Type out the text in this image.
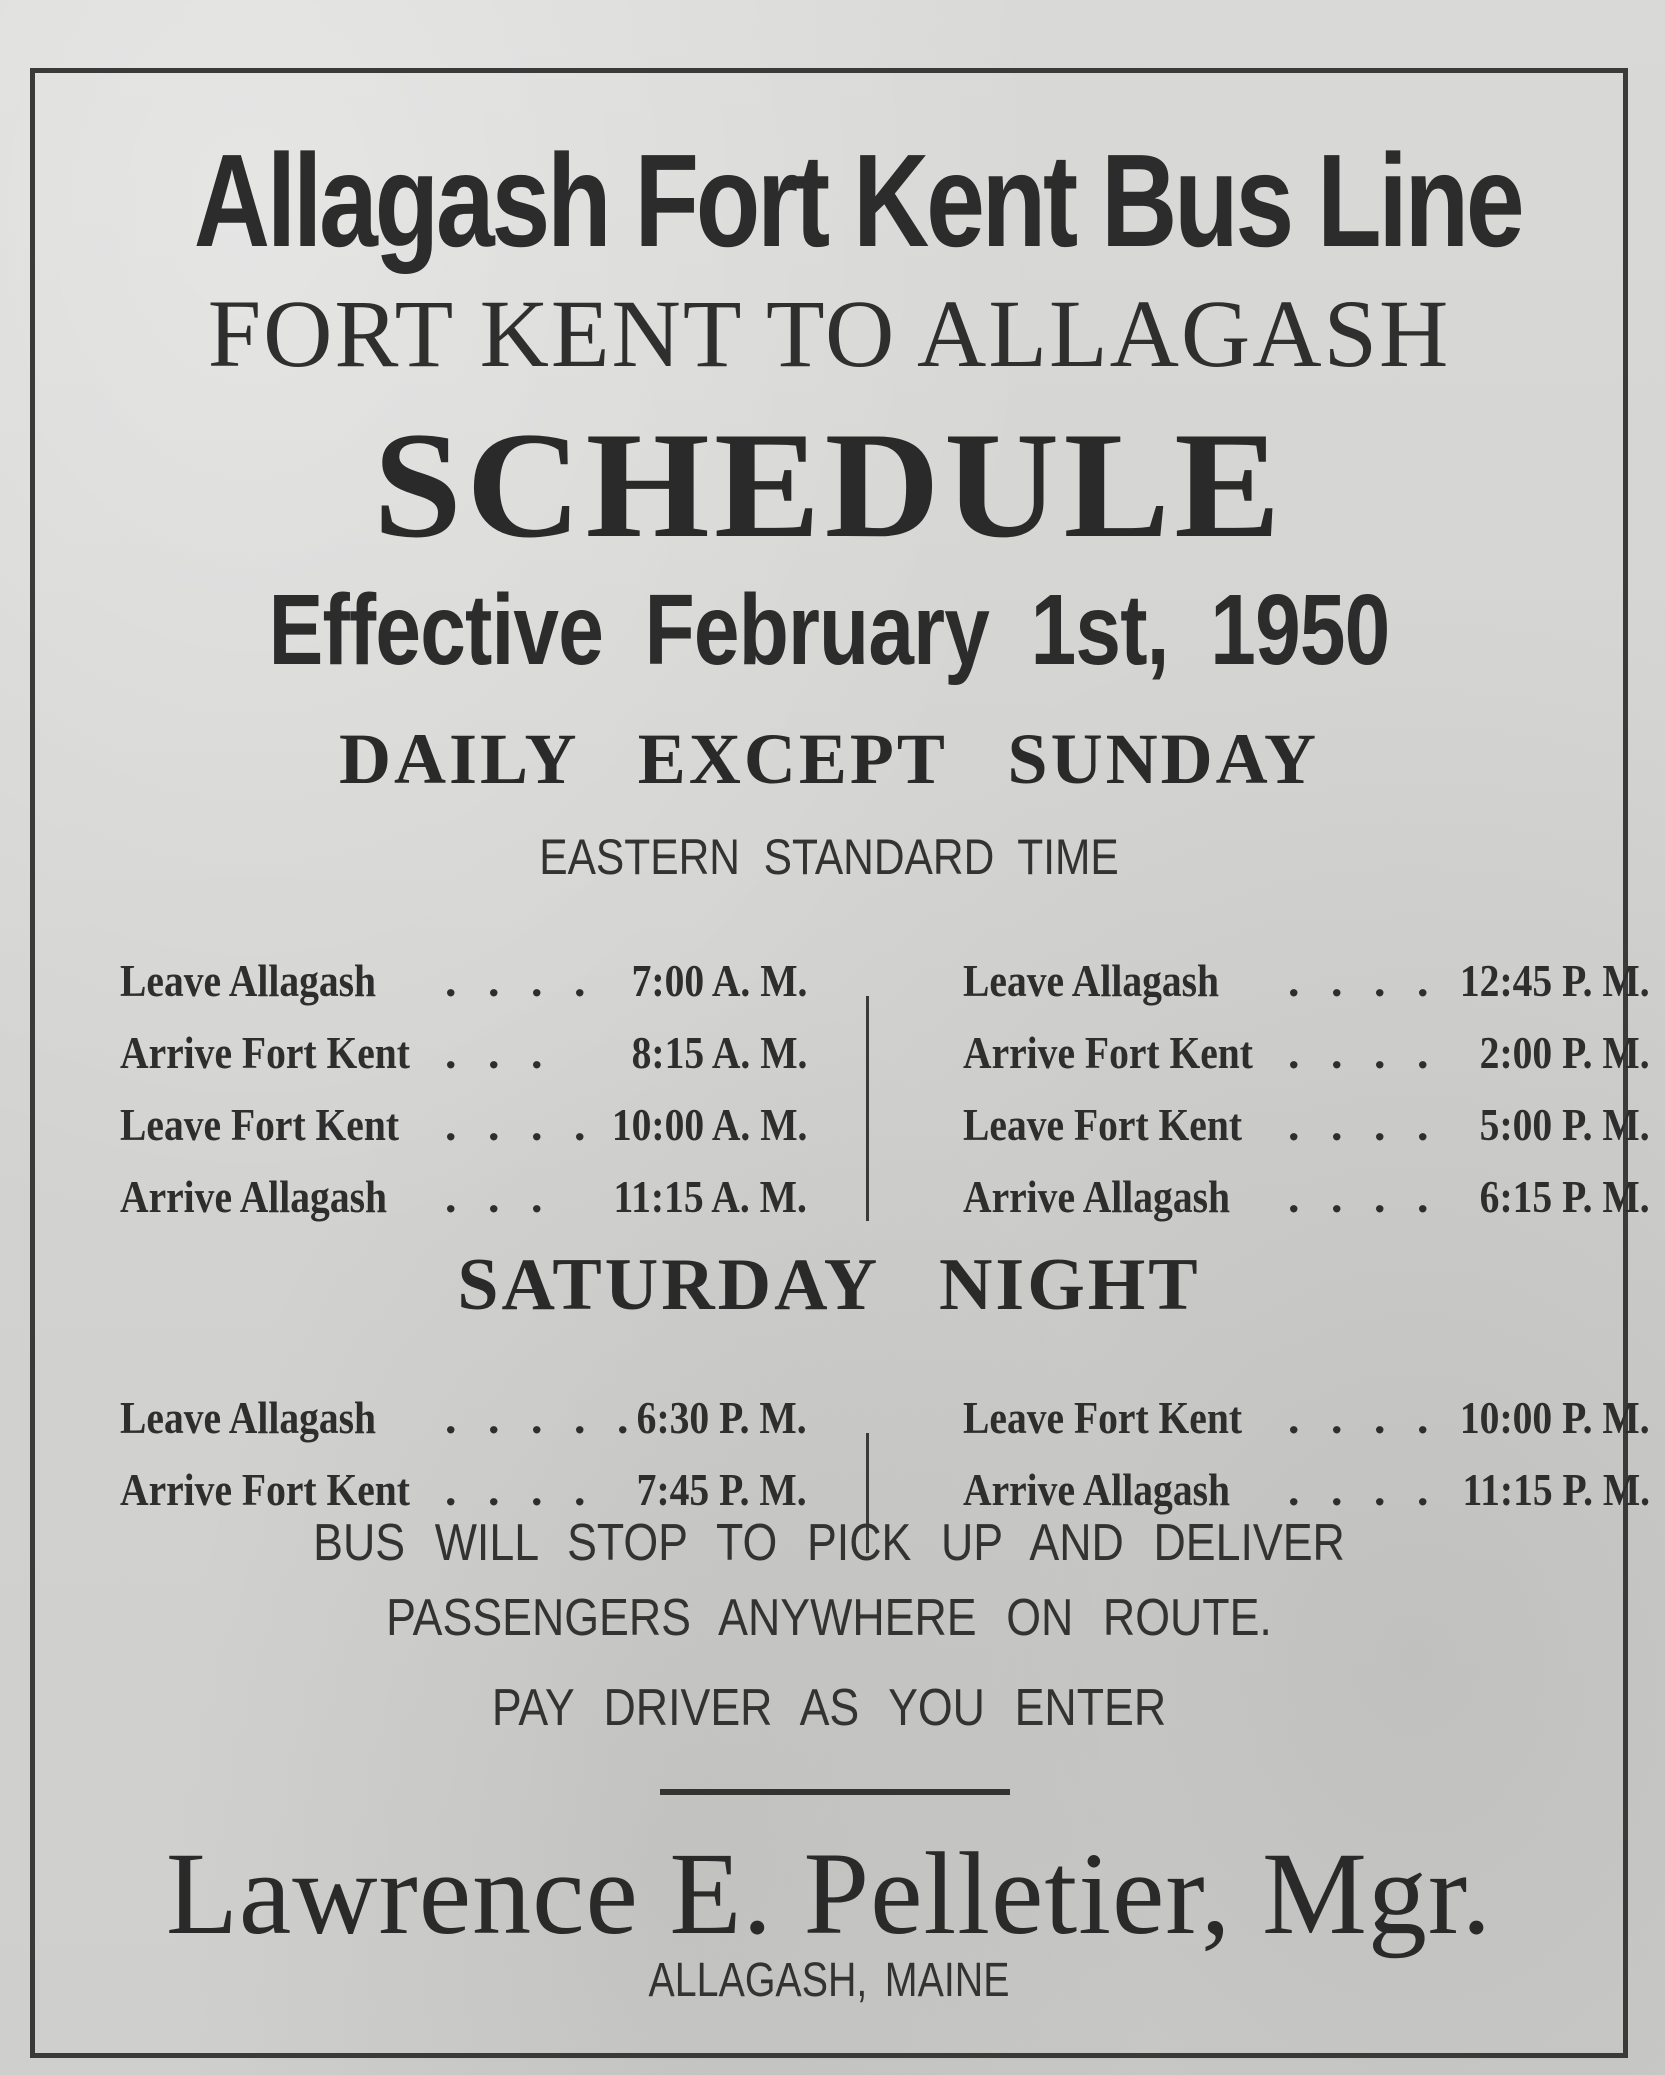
Allagash Fort Kent Bus Line
FORT KENT TO ALLAGASH
SCHEDULE
Effective February 1st, 1950
DAILY EXCEPT SUNDAY
EASTERN STANDARD TIME
Leave Allagash . . . . 7:00 A. M.
Arrive Fort Kent . . . 8:15 A. M.
Leave Fort Kent . . . . 10:00 A. M.
Arrive Allagash . . . 11:15 A. M.
Leave Allagash . . . . 12:45 P. M.
Arrive Fort Kent . . . . 2:00 P. M.
Leave Fort Kent . . . . 5:00 P. M.
Arrive Allagash . . . . 6:15 P. M.
SATURDAY NIGHT
Leave Allagash . . . . .
6:30 P. M.
Arrive Fort Kent . . . . 7:45 P. M.
Leave Fort Kent . . . . 10:00 P. M.
Arrive Allagash . . . . 11:15 P. M.
BUS WILL STOP TO PICK UP AND DELIVER
PASSENGERS ANYWHERE ON ROUTE.
PAY DRIVER AS YOU ENTER
Lawrence E. Pelletier, Mgr.
ALLAGASH, MAINE
